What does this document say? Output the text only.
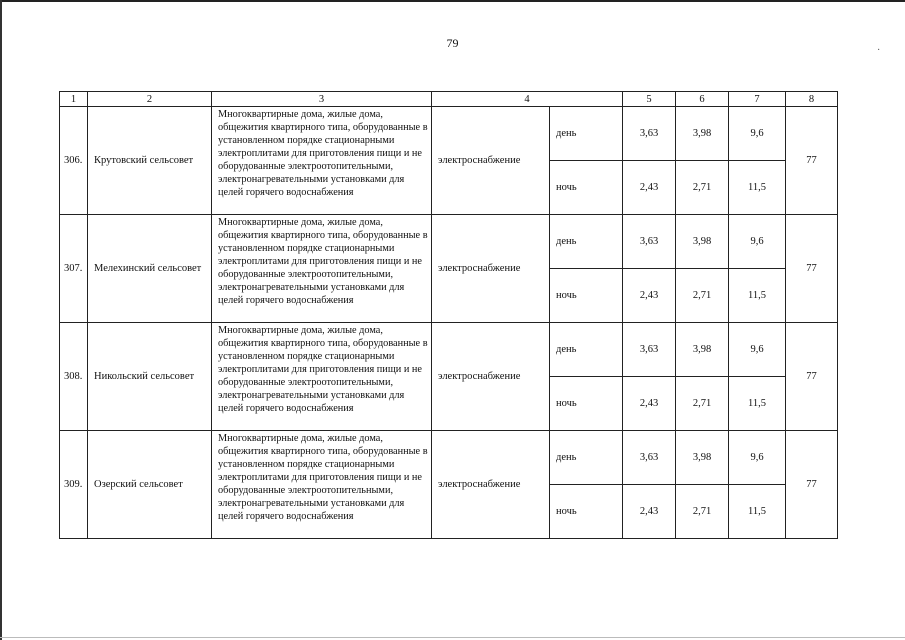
·
79
1	2	3	4		5	6	7	8
306.	Крутовский сельсовет	Многоквартирные дома, жилые дома, общежития квартирного типа, оборудованные в установленном порядке стационарными электроплитами для приготовления пищи и не оборудованные электроотопительными, электронагревательными установками для целей горячего водоснабжения	электроснабжение	день	3,63	3,98	9,6	77
				ночь	2,43	2,71	11,5	
307.	Мелехинский сельсовет	Многоквартирные дома, жилые дома, общежития квартирного типа, оборудованные в установленном порядке стационарными электроплитами для приготовления пищи и не оборудованные электроотопительными, электронагревательными установками для целей горячего водоснабжения	электроснабжение	день	3,63	3,98	9,6	77
				ночь	2,43	2,71	11,5	
308.	Никольский сельсовет	Многоквартирные дома, жилые дома, общежития квартирного типа, оборудованные в установленном порядке стационарными электроплитами для приготовления пищи и не оборудованные электроотопительными, электронагревательными установками для целей горячего водоснабжения	электроснабжение	день	3,63	3,98	9,6	77
				ночь	2,43	2,71	11,5	
309.	Озерский сельсовет	Многоквартирные дома, жилые дома, общежития квартирного типа, оборудованные в установленном порядке стационарными электроплитами для приготовления пищи и не оборудованные электроотопительными, электронагревательными установками для целей горячего водоснабжения	электроснабжение	день	3,63	3,98	9,6	77
				ночь	2,43	2,71	11,5	
